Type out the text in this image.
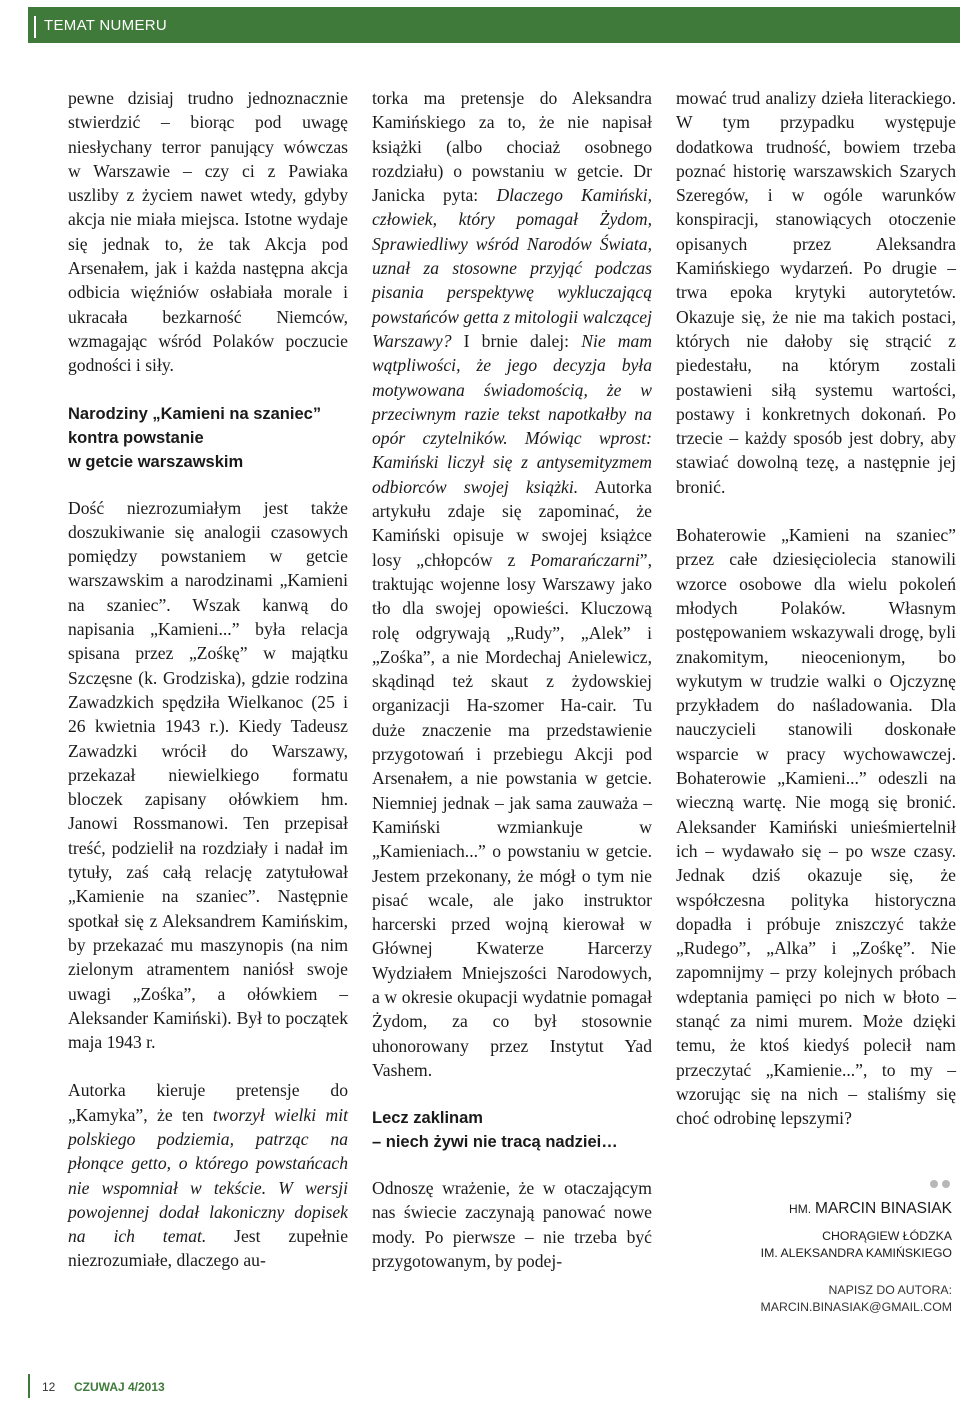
TEMAT NUMERU

pewne dzisiaj trudno jednoznacznie stwierdzić – biorąc pod uwagę niesłychany terror panujący wówczas w Warszawie – czy ci z Pawiaka uszliby z życiem nawet wtedy, gdyby akcja nie miała miejsca. Istotne wydaje się jednak to, że tak Akcja pod Arsenałem, jak i każda następna akcja odbicia więźniów osłabiała morale i ukracała bezkarność Niemców, wzmagając wśród Polaków poczucie godności i siły.

Narodziny „Kamieni na szaniec”
kontra powstanie
w getcie warszawskim

Dość niezrozumiałym jest także doszukiwanie się analogii czasowych pomiędzy powstaniem w getcie warszawskim a narodzinami „Kamieni na szaniec”. Wszak kanwą do napisania „Kamieni...” była relacja spisana przez „Zośkę” w majątku Szczęsne (k. Grodziska), gdzie rodzina Zawadzkich spędziła Wielkanoc (25 i 26 kwietnia 1943 r.). Kiedy Tadeusz Zawadzki wrócił do Warszawy, przekazał niewielkiego formatu bloczek zapisany ołówkiem hm. Janowi Rossmanowi. Ten przepisał treść, podzielił na rozdziały i nadał im tytuły, zaś całą relację zatytułował „Kamienie na szaniec”. Następnie spotkał się z Aleksandrem Kamińskim, by przekazać mu maszynopis (na nim zielonym atramentem naniósł swoje uwagi „Zośka”, a ołówkiem – Aleksander Kamiński). Był to początek maja 1943 r.

Autorka kieruje pretensje do „Kamyka”, że ten tworzył wielki mit polskiego podziemia, patrząc na płonące getto, o którego powstańcach nie wspomniał w tekście. W wersji powojennej dodał lakoniczny dopisek na ich temat. Jest zupełnie niezrozumiałe, dlaczego au-

torka ma pretensje do Aleksandra Kamińskiego za to, że nie napisał książki (albo chociaż osobnego rozdziału) o powstaniu w getcie. Dr Janicka pyta: Dlaczego Kamiński, człowiek, który pomagał Żydom, Sprawiedliwy wśród Narodów Świata, uznał za stosowne przyjąć podczas pisania perspektywę wykluczającą powstańców getta z mitologii walczącej Warszawy? I brnie dalej: Nie mam wątpliwości, że jego decyzja była motywowana świadomością, że w przeciwnym razie tekst napotkałby na opór czytelników. Mówiąc wprost: Kamiński liczył się z antysemityzmem odbiorców swojej książki. Autorka artykułu zdaje się zapominać, że Kamiński opisuje w swojej książce losy „chłopców z Pomarańczarni”, traktując wojenne losy Warszawy jako tło dla swojej opowieści. Kluczową rolę odgrywają „Rudy”, „Alek” i „Zośka”, a nie Mordechaj Anielewicz, skądinąd też skaut z żydowskiej organizacji Ha-szomer Ha-cair. Tu duże znaczenie ma przedstawienie przygotowań i przebiegu Akcji pod Arsenałem, a nie powstania w getcie. Niemniej jednak – jak sama zauważa – Kamiński wzmiankuje w „Kamieniach...” o powstaniu w getcie. Jestem przekonany, że mógł o tym nie pisać wcale, ale jako instruktor harcerski przed wojną kierował w Głównej Kwaterze Harcerzy Wydziałem Mniejszości Narodowych, a w okresie okupacji wydatnie pomagał Żydom, za co był stosownie uhonorowany przez Instytut Yad Vashem.

Lecz zaklinam
– niech żywi nie tracą nadziei…

Odnoszę wrażenie, że w otaczającym nas świecie zaczynają panować nowe mody. Po pierwsze – nie trzeba być przygotowanym, by podej-

mować trud analizy dzieła literackiego. W tym przypadku występuje dodatkowa trudność, bowiem trzeba poznać historię warszawskich Szarych Szeregów, i w ogóle warunków konspiracji, stanowiących otoczenie opisanych przez Aleksandra Kamińskiego wydarzeń. Po drugie – trwa epoka krytyki autorytetów. Okazuje się, że nie ma takich postaci, których nie dałoby się strącić z piedestału, na którym zostali postawieni siłą systemu wartości, postawy i konkretnych dokonań. Po trzecie – każdy sposób jest dobry, aby stawiać dowolną tezę, a następnie jej bronić.

Bohaterowie „Kamieni na szaniec” przez całe dziesięciolecia stanowili wzorce osobowe dla wielu pokoleń młodych Polaków. Własnym postępowaniem wskazywali drogę, byli znakomitym, nieocenionym, bo wykutym w trudzie walki o Ojczyznę przykładem do naśladowania. Dla nauczycieli stanowili doskonałe wsparcie w pracy wychowawczej. Bohaterowie „Kamieni...” odeszli na wieczną wartę. Nie mogą się bronić. Aleksander Kamiński unieśmiertelnił ich – wydawało się – po wsze czasy. Jednak dziś okazuje się, że współczesna polityka historyczna dopadła i próbuje zniszczyć także „Rudego”, „Alka” i „Zośkę”. Nie zapomnijmy – przy kolejnych próbach wdeptania pamięci po nich w błoto – stanąć za nimi murem. Może dzięki temu, że ktoś kiedyś polecił nam przeczytać „Kamienie...”, to my – wzorując się na nich – staliśmy się choć odrobinę lepszymi?

HM. MARCIN BINASIAK
CHORĄGIEW ŁÓDZKA
IM. ALEKSANDRA KAMIŃSKIEGO
NAPISZ DO AUTORA:
MARCIN.BINASIAK@GMAIL.COM
12 CZUWAJ 4/2013
